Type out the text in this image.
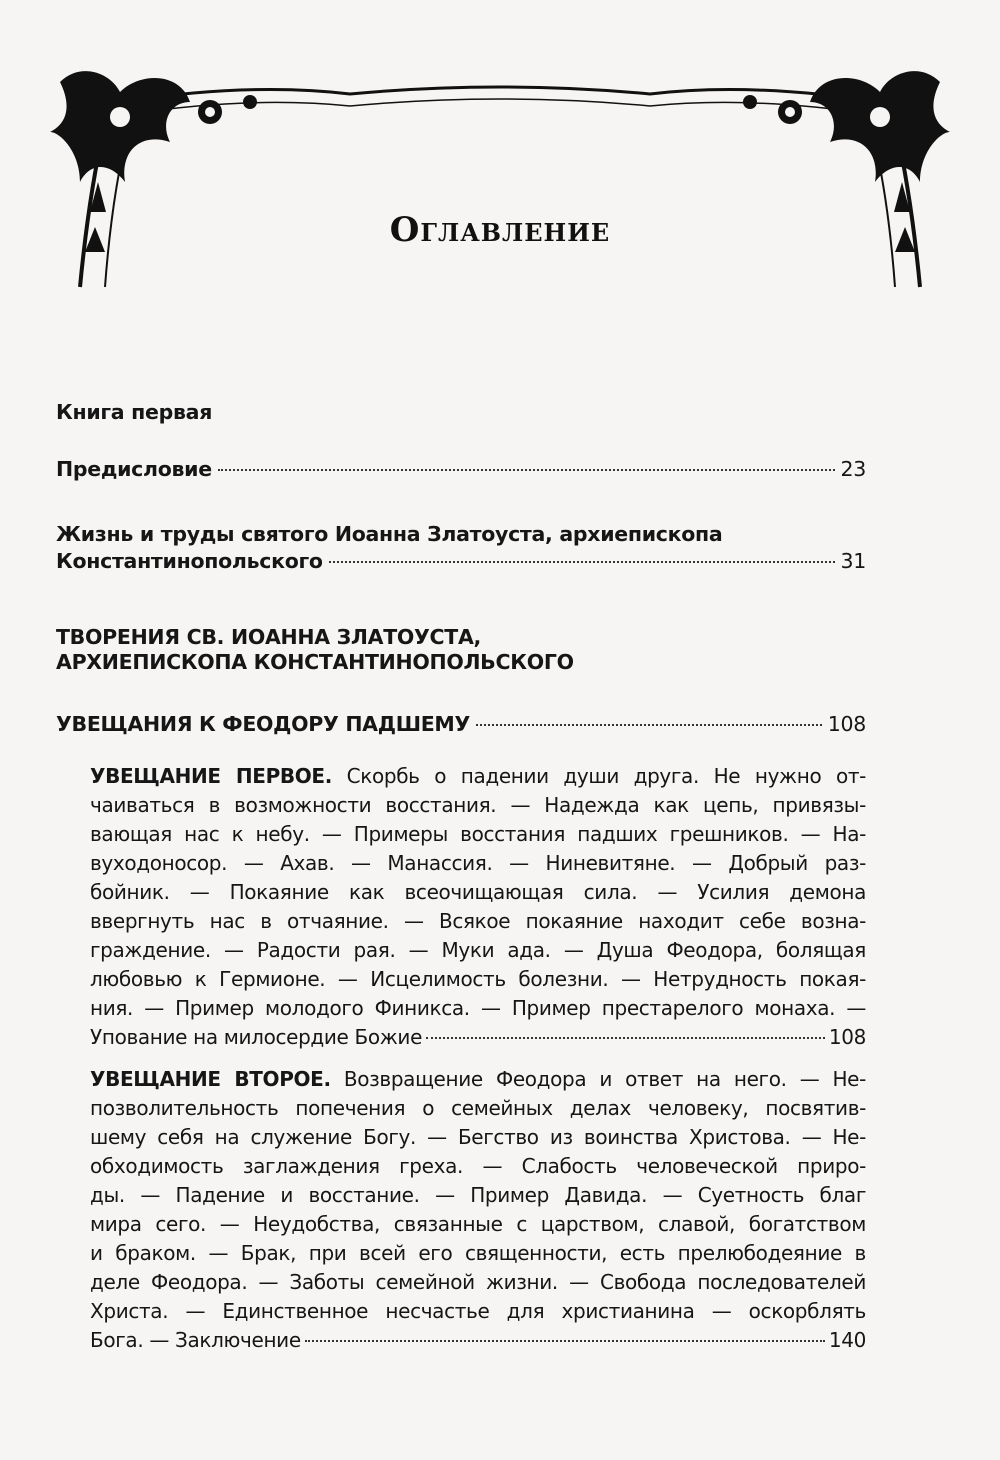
Оглавление
Книга первая
Предисловие	23
Жизнь и труды святого Иоанна Златоуста, архиепископа
Константинопольского	31
ТВОРЕНИЯ СВ. ИОАННА ЗЛАТОУСТА,
АРХИЕПИСКОПА КОНСТАНТИНОПОЛЬСКОГО
УВЕЩАНИЯ К ФЕОДОРУ ПАДШЕМУ	108
УВЕЩАНИЕ ПЕРВОЕ. Скорбь о падении души друга. Не нужно от-
чаиваться в возможности восстания. — Надежда как цепь, привязы-
вающая нас к небу. — Примеры восстания падших грешников. — На-
вуходоносор. — Ахав. — Манассия. — Ниневитяне. — Добрый раз-
бойник. — Покаяние как всеочищающая сила. — Усилия демона
ввергнуть нас в отчаяние. — Всякое покаяние находит себе возна-
граждение. — Радости рая. — Муки ада. — Душа Феодора, болящая
любовью к Гермионе. — Исцелимость болезни. — Нетрудность покая-
ния. — Пример молодого Финикса. — Пример престарелого монаха. —
Упование на милосердие Божие	108
УВЕЩАНИЕ ВТОРОЕ. Возвращение Феодора и ответ на него. — Не-
позволительность попечения о семейных делах человеку, посвятив-
шему себя на служение Богу. — Бегство из воинства Христова. — Не-
обходимость заглаждения греха. — Слабость человеческой приро-
ды. — Падение и восстание. — Пример Давида. — Суетность благ
мира сего. — Неудобства, связанные с царством, славой, богатством
и браком. — Брак, при всей его священности, есть прелюбодеяние в
деле Феодора. — Заботы семейной жизни. — Свобода последователей
Христа. — Единственное несчастье для христианина — оскорблять
Бога. — Заключение	140
